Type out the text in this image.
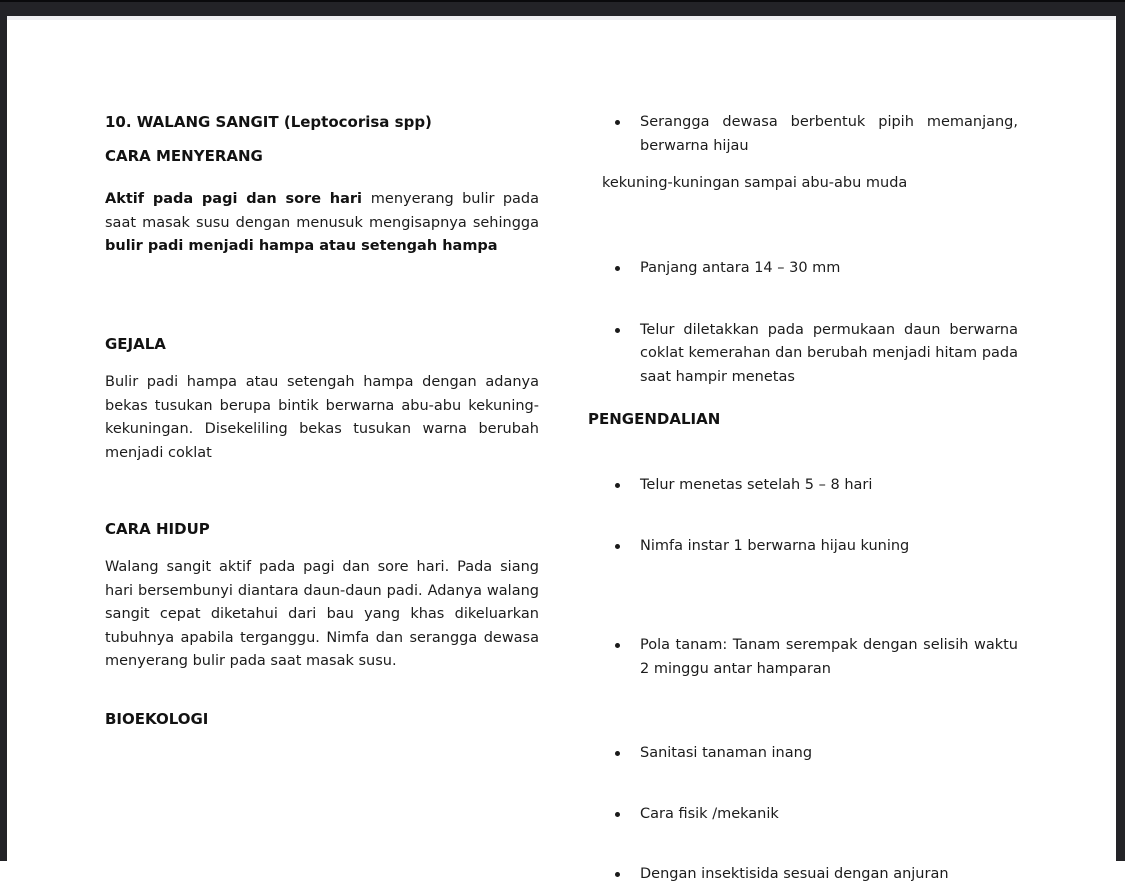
10. WALANG SANGIT (Leptocorisa spp)
CARA MENYERANG
Aktif pada pagi dan sore hari menyerang bulir pada saat masak susu dengan menusuk mengisapnya sehingga bulir padi menjadi hampa atau setengah hampa
GEJALA
Bulir padi hampa atau setengah hampa dengan adanya bekas tusukan berupa bintik berwarna abu-abu kekuning-kekuningan. Disekeliling bekas tusukan warna berubah menjadi coklat
CARA HIDUP
Walang sangit aktif pada pagi dan sore hari. Pada siang hari bersembunyi diantara daun-daun padi. Adanya walang sangit cepat diketahui dari bau yang khas dikeluarkan tubuhnya apabila terganggu. Nimfa dan serangga dewasa menyerang bulir pada saat masak susu.
BIOEKOLOGI
Serangga dewasa berbentuk pipih memanjang, berwarna hijau
kekuning-kuningan sampai abu-abu muda
Panjang antara 14 – 30 mm
Telur diletakkan pada permukaan daun berwarna coklat kemerahan dan berubah menjadi hitam pada saat hampir menetas
Telur menetas setelah 5 – 8 hari
Nimfa instar 1 berwarna hijau kuning
PENGENDALIAN
Pola tanam: Tanam serempak dengan selisih waktu 2 minggu antar hamparan
Sanitasi tanaman inang
Cara fisik /mekanik
Dengan insektisida sesuai dengan anjuran
